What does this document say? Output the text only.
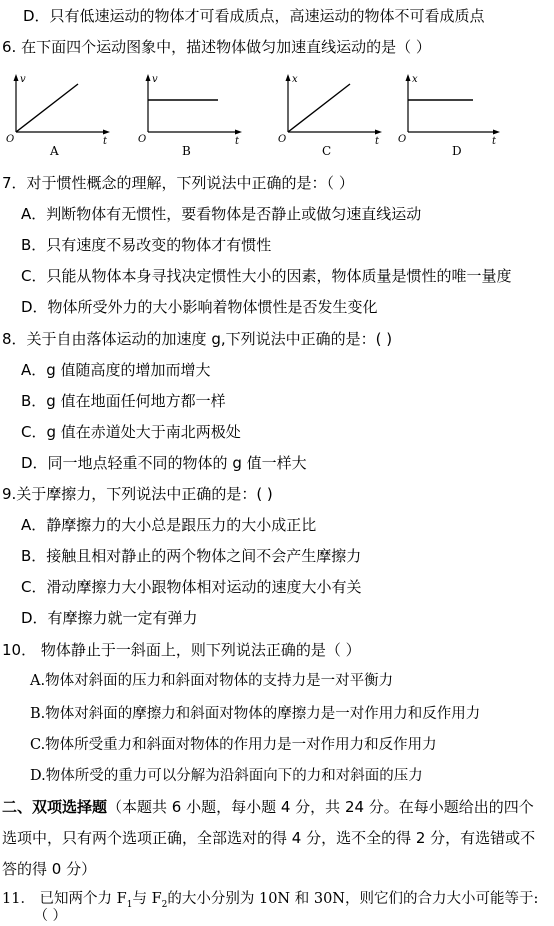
D．只有低速运动的物体才可看成质点，高速运动的物体不可看成质点
6. 在下面四个运动图象中，描述物体做匀加速直线运动的是（ ）
v
t
O
A
v
t
O
B
x
t
O
C
x
t
O
D
7．对于惯性概念的理解，下列说法中正确的是：（ ）
A．判断物体有无惯性，要看物体是否静止或做匀速直线运动
B．只有速度不易改变的物体才有惯性
C．只能从物体本身寻找决定惯性大小的因素，物体质量是惯性的唯一量度
D．物体所受外力的大小影响着物体惯性是否发生变化
8．关于自由落体运动的加速度 g,下列说法中正确的是：( )
A．g 值随高度的增加而增大
B．g 值在地面任何地方都一样
C．g 值在赤道处大于南北两极处
D．同一地点轻重不同的物体的 g 值一样大
9.关于摩擦力，下列说法中正确的是：( )
A．静摩擦力的大小总是跟压力的大小成正比
B．接触且相对静止的两个物体之间不会产生摩擦力
C．滑动摩擦力大小跟物体相对运动的速度大小有关
D．有摩擦力就一定有弹力
10． 物体静止于一斜面上，则下列说法正确的是（ ）
A.物体对斜面的压力和斜面对物体的支持力是一对平衡力
B.物体对斜面的摩擦力和斜面对物体的摩擦力是一对作用力和反作用力
C.物体所受重力和斜面对物体的作用力是一对作用力和反作用力
D.物体所受的重力可以分解为沿斜面向下的力和对斜面的压力
二、双项选择题（本题共 6 小题，每小题 4 分，共 24 分。在每小题给出的四个
选项中，只有两个选项正确，全部选对的得 4 分，选不全的得 2 分，有选错或不
答的得 0 分）
11． 已知两个力 $F_1$与 $F_2$的大小分别为 10N 和 30N，则它们的合力大小可能等于:
（ ）
